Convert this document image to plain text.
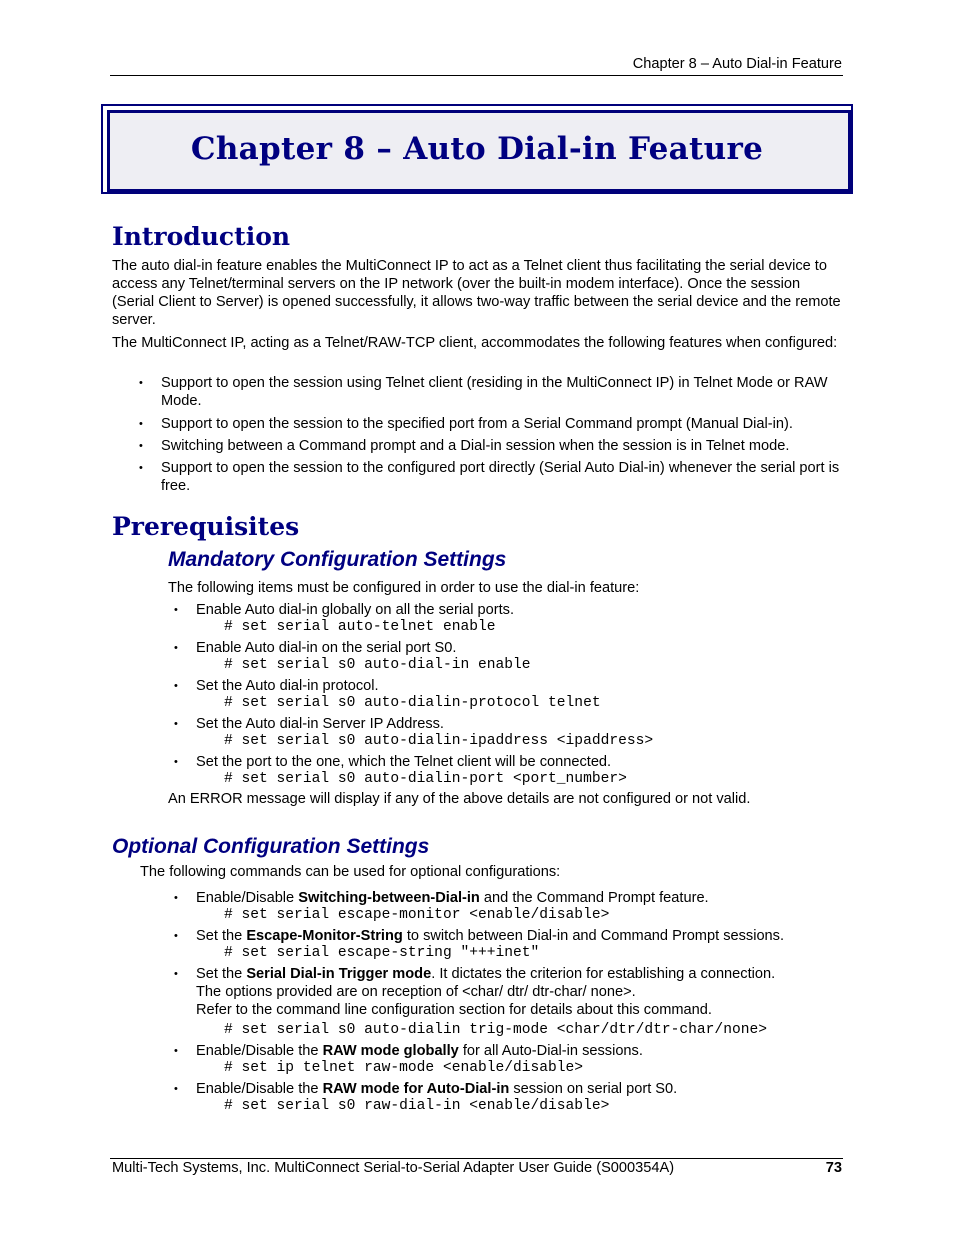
Chapter 8 – Auto Dial-in Feature
Chapter 8 – Auto Dial-in Feature
Introduction

The auto dial-in feature enables the MultiConnect IP to act as a Telnet client thus facilitating the serial device to access any Telnet/terminal servers on the IP network (over the built-in modem interface). Once the session (Serial Client to Server) is opened successfully, it allows two-way traffic between the serial device and the remote server.

The MultiConnect IP, acting as a Telnet/RAW-TCP client, accommodates the following features when configured:

• Support to open the session using Telnet client (residing in the MultiConnect IP) in Telnet Mode or RAW Mode.
• Support to open the session to the specified port from a Serial Command prompt (Manual Dial-in).
• Switching between a Command prompt and a Dial-in session when the session is in Telnet mode.
• Support to open the session to the configured port directly (Serial Auto Dial-in) whenever the serial port is free.
Prerequisites
Mandatory Configuration Settings

The following items must be configured in order to use the dial-in feature:

• Enable Auto dial-in globally on all the serial ports.
# set serial auto-telnet enable
• Enable Auto dial-in on the serial port S0.
# set serial s0 auto-dial-in enable
• Set the Auto dial-in protocol.
# set serial s0 auto-dialin-protocol telnet
• Set the Auto dial-in Server IP Address.
# set serial s0 auto-dialin-ipaddress <ipaddress>
• Set the port to the one, which the Telnet client will be connected.
# set serial s0 auto-dialin-port <port_number>

An ERROR message will display if any of the above details are not configured or not valid.

Optional Configuration Settings

The following commands can be used for optional configurations:

• Enable/Disable Switching-between-Dial-in and the Command Prompt feature.
# set serial escape-monitor <enable/disable>
• Set the Escape-Monitor-String to switch between Dial-in and Command Prompt sessions.
# set serial escape-string "+++inet"
• Set the Serial Dial-in Trigger mode. It dictates the criterion for establishing a connection.
The options provided are on reception of <char/ dtr/ dtr-char/ none>.
Refer to the command line configuration section for details about this command.
# set serial s0 auto-dialin trig-mode <char/dtr/dtr-char/none>
• Enable/Disable the RAW mode globally for all Auto-Dial-in sessions.
# set ip telnet raw-mode <enable/disable>
• Enable/Disable the RAW mode for Auto-Dial-in session on serial port S0.
# set serial s0 raw-dial-in <enable/disable>
Multi-Tech Systems, Inc. MultiConnect Serial-to-Serial Adapter User Guide (S000354A)	73
